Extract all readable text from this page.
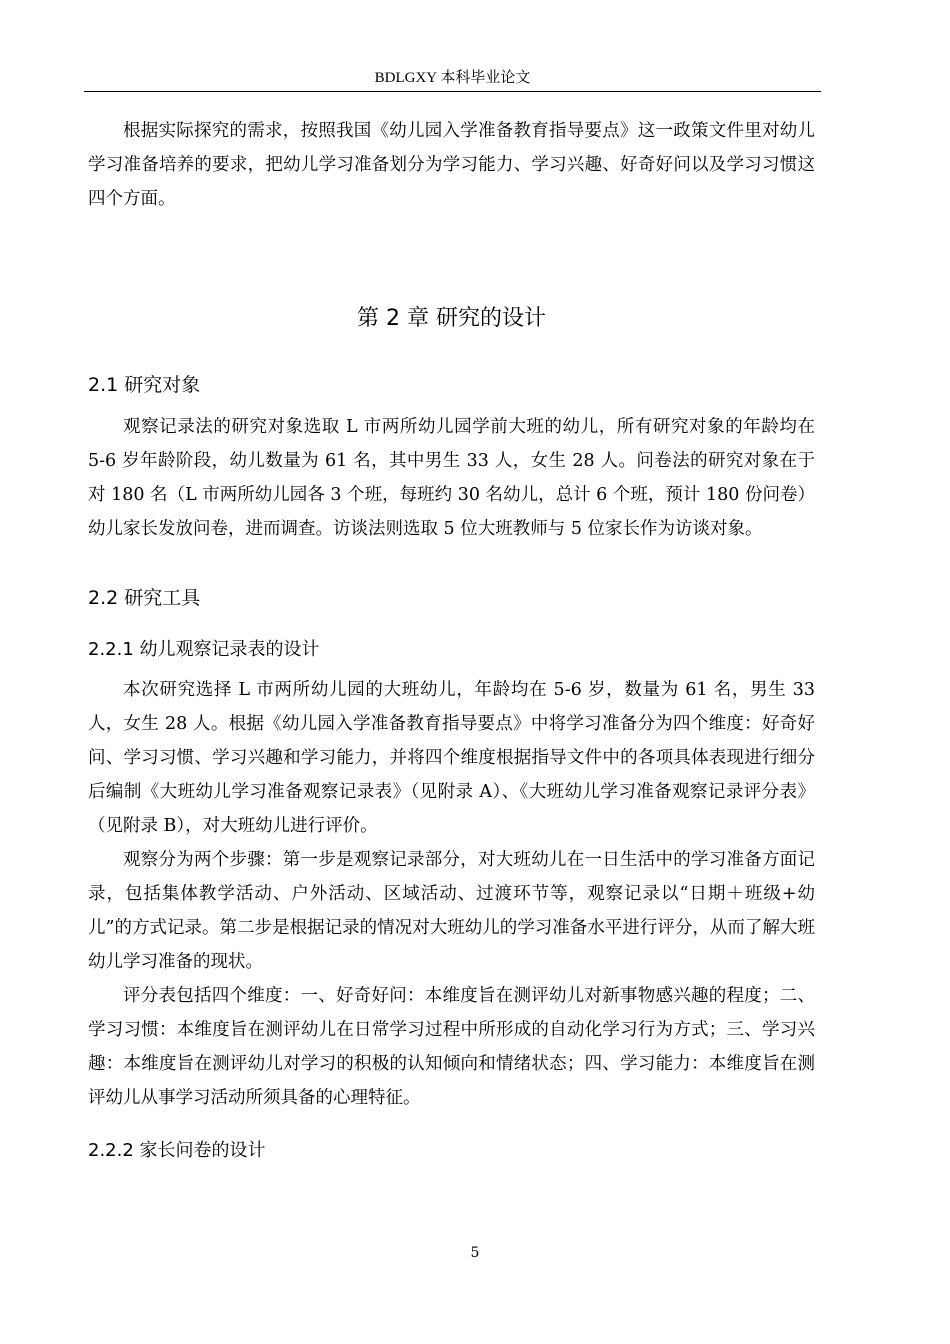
BDLGXY 本科毕业论文

根据实际探究的需求，按照我国《幼儿园入学准备教育指导要点》这一政策文件里对幼儿学习准备培养的要求，把幼儿学习准备划分为学习能力、学习兴趣、好奇好问以及学习习惯这四个方面。

第 2 章 研究的设计
2.1 研究对象

观察记录法的研究对象选取 L 市两所幼儿园学前大班的幼儿，所有研究对象的年龄均在 5-6 岁年龄阶段，幼儿数量为 61 名，其中男生 33 人，女生 28 人。问卷法的研究对象在于对 180 名（L 市两所幼儿园各 3 个班，每班约 30 名幼儿，总计 6 个班，预计 180 份问卷）幼儿家长发放问卷，进而调查。访谈法则选取 5 位大班教师与 5 位家长作为访谈对象。

2.2 研究工具
2.2.1 幼儿观察记录表的设计

本次研究选择 L 市两所幼儿园的大班幼儿，年龄均在 5-6 岁，数量为 61 名，男生 33 人，女生 28 人。根据《幼儿园入学准备教育指导要点》中将学习准备分为四个维度：好奇好问、学习习惯、学习兴趣和学习能力，并将四个维度根据指导文件中的各项具体表现进行细分后编制《大班幼儿学习准备观察记录表》（见附录 A）、《大班幼儿学习准备观察记录评分表》（见附录 B），对大班幼儿进行评价。

观察分为两个步骤：第一步是观察记录部分，对大班幼儿在一日生活中的学习准备方面记录，包括集体教学活动、户外活动、区域活动、过渡环节等，观察记录以“日期＋班级+幼儿”的方式记录。第二步是根据记录的情况对大班幼儿的学习准备水平进行评分，从而了解大班幼儿学习准备的现状。

评分表包括四个维度：一、好奇好问：本维度旨在测评幼儿对新事物感兴趣的程度；二、学习习惯：本维度旨在测评幼儿在日常学习过程中所形成的自动化学习行为方式；三、学习兴趣：本维度旨在测评幼儿对学习的积极的认知倾向和情绪状态；四、学习能力：本维度旨在测评幼儿从事学习活动所须具备的心理特征。

2.2.2 家长问卷的设计
5
